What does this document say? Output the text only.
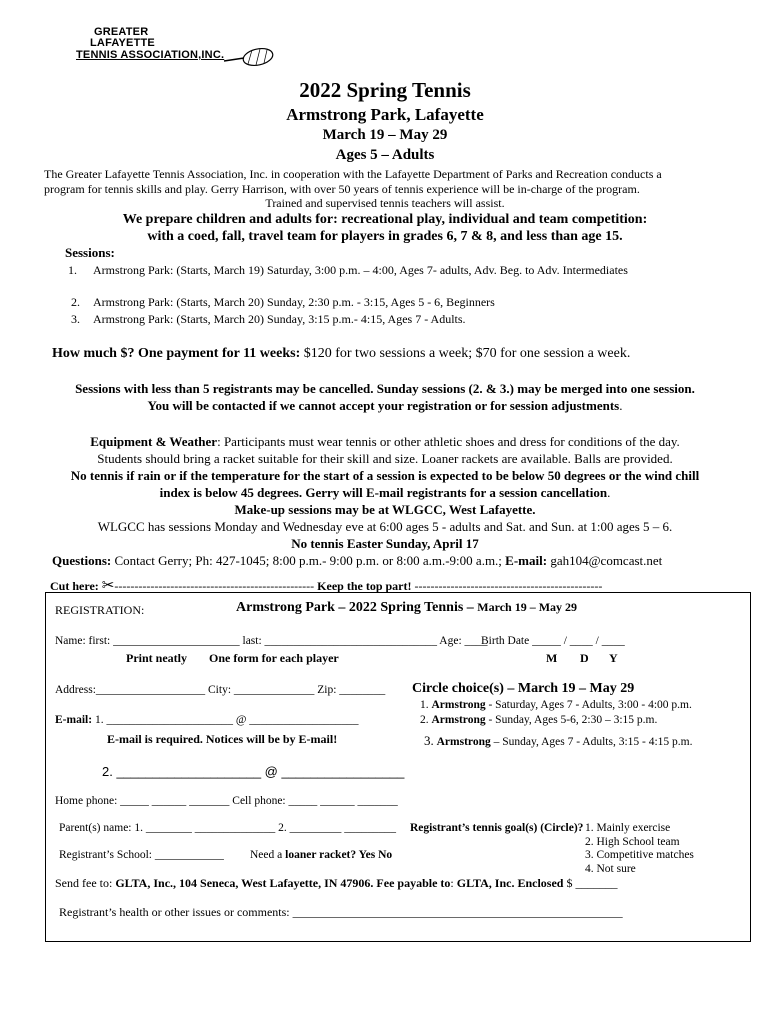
GREATER
LAFAYETTE
TENNIS ASSOCIATION,INC.
2022 Spring Tennis
Armstrong Park, Lafayette
March 19 – May 29
Ages 5 – Adults
The Greater Lafayette Tennis Association, Inc. in cooperation with the Lafayette Department of Parks and Recreation conducts a
program for tennis skills and play. Gerry Harrison, with over 50 years of tennis experience will be in-charge of the program.
Trained and supervised tennis teachers will assist.
We prepare children and adults for: recreational play, individual and team competition:
with a coed, fall, travel team for players in grades 6, 7 & 8, and less than age 15.
Sessions:
1. Armstrong Park: (Starts, March 19) Saturday, 3:00 p.m. – 4:00, Ages 7- adults, Adv. Beg. to Adv. Intermediates
2. Armstrong Park: (Starts, March 20) Sunday, 2:30 p.m. - 3:15, Ages 5 - 6, Beginners
3. Armstrong Park: (Starts, March 20) Sunday, 3:15 p.m.- 4:15, Ages 7 - Adults.
How much $? One payment for 11 weeks: $120 for two sessions a week; $70 for one session a week.
Sessions with less than 5 registrants may be cancelled. Sunday sessions (2. & 3.) may be merged into one session.
You will be contacted if we cannot accept your registration or for session adjustments.
Equipment & Weather: Participants must wear tennis or other athletic shoes and dress for conditions of the day.
Students should bring a racket suitable for their skill and size. Loaner rackets are available. Balls are provided.
No tennis if rain or if the temperature for the start of a session is expected to be below 50 degrees or the wind chill
index is below 45 degrees. Gerry will E-mail registrants for a session cancellation.
Make-up sessions may be at WLGCC, West Lafayette.
WLGCC has sessions Monday and Wednesday eve at 6:00 ages 5 - adults and Sat. and Sun. at 1:00 ages 5 – 6.
No tennis Easter Sunday, April 17
Questions: Contact Gerry; Ph: 427-1045; 8:00 p.m.- 9:00 p.m. or 8:00 a.m.-9:00 a.m.; E-mail: gah104@comcast.net
Cut here: ✂-------------------------------------------------- Keep the top part! -----------------------------------------------
REGISTRATION:	Armstrong Park – 2022 Spring Tennis – March 19 – May 29
Name: first: ______________________ last: ______________________________ Age: ____
Birth Date _____ / ____ / ____
Print neatly One form for each player	M D Y
Address:___________________ City: ______________ Zip: ________ Circle choice(s) – March 19 – May 29
1. Armstrong - Saturday, Ages 7 - Adults, 3:00 - 4:00 p.m.
E-mail: 1. ______________________ @ ___________________	2. Armstrong - Sunday, Ages 5-6, 2:30 – 3:15 p.m.
E-mail is required. Notices will be by E-mail!	3. Armstrong – Sunday, Ages 7 - Adults, 3:15 - 4:15 p.m.
2. ____________________ @ _________________
Home phone: _____ ______ _______ Cell phone: _____ ______ _______
Parent(s) name: 1. ________ ______________ 2. _________ _________ Registrant’s tennis goal(s) (Circle)? 1. Mainly exercise
2. High School team
3. Competitive matches
4. Not sure
Registrant’s School: ____________ Need a loaner racket? Yes No
Send fee to: GLTA, Inc., 104 Seneca, West Lafayette, IN 47906. Fee payable to: GLTA, Inc. Enclosed $ _______
Registrant’s health or other issues or comments: _______________________________________________________
